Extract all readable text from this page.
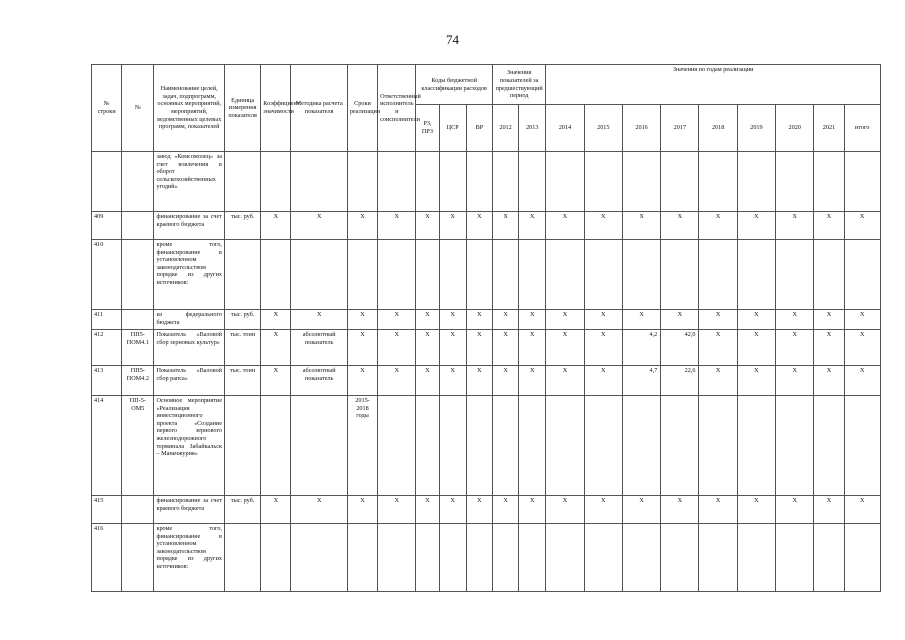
74
№ строки	№	Наименование целей, задач, подпрограмм, основных мероприятий, мероприятий, ведомственных целевых программ, показателей	Единица измерения показателя	Коэффициент значимости	Методика расчета показателя	Сроки реализации	Ответственный исполнитель и соисполнители	Коды бюджетной классификации расходов			Значения показателей за предшествующий период		Значения по годам реализации								
								РЗ, ПРЗ	ЦСР	ВР	2012	2013	2014	2015	2016	2017	2018	2019	2020	2021	итого
		завод «Комсомолец» за счет вовлечения в оборот сельскохозяйственных угодий»																			
409		финансирование за счет краевого бюджета	тыс. руб.	X	X	X	X	X	X	X	X	X	X	X	X	X	X	X	X	X	X
410		кроме того, финансирование в установленном законодательством порядке из других источников:																			
411		из федерального бюджета	тыс. руб.	X	X	X	X	X	X	X	X	X	X	X	X	X	X	X	X	X	X
412	ПП5-ПОМ4.1	Показатель «Валовой сбор зерновых культур»	тыс. тонн	X	абсолютный показатель	X	X	X	X	X	X	X	X	X	4,2	42,0	X	X	X	X	X
413	ПП5-ПОМ4.2	Показатель «Валовой сбор рапса»	тыс. тонн	X	абсолютный показатель	X	X	X	X	X	X	X	X	X	4,7	22,6	X	X	X	X	X
414	ПП-5-ОМ5	Основное мероприятие «Реализация инвестиционного проекта «Создание первого зернового железнодорожного терминала Забайкальск – Маньчжурия»				2015-2018 годы															
415		финансирование за счет краевого бюджета	тыс. руб.	X	X	X	X	X	X	X	X	X	X	X	X	X	X	X	X	X	X
416		кроме того, финансирование в установленном законодательством порядке из других источников:																			
